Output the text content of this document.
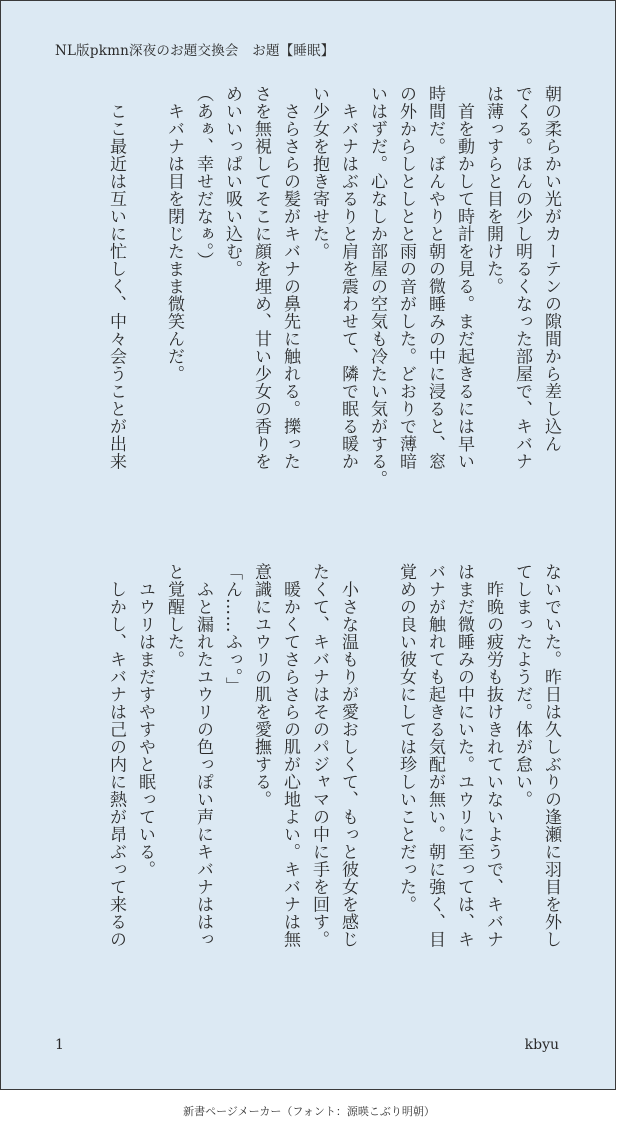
NL版pkmn深夜のお題交換会　お題【睡眠】

朝の柔らかい光がカーテンの隙間から差し込ん
でくる。ほんの少し明るくなった部屋で、キバナ
は薄っすらと目を開けた。

　首を動かして時計を見る。まだ起きるには早い
時間だ。ぼんやりと朝の微睡みの中に浸ると、窓
の外からしとしとと雨の音がした。どおりで薄暗
いはずだ。心なしか部屋の空気も冷たい気がする。

　キバナはぶるりと肩を震わせて、隣で眠る暖か
い少女を抱き寄せた。

　さらさらの髪がキバナの鼻先に触れる。擽った
さを無視してそこに顔を埋め、甘い少女の香りを
めいいっぱい吸い込む。

（あぁ、幸せだなぁ。）

　キバナは目を閉じたまま微笑んだ。

　ここ最近は互いに忙しく、中々会うことが出来

ないでいた。昨日は久しぶりの逢瀬に羽目を外し
てしまったようだ。体が怠い。

　昨晩の疲労も抜けきれていないようで、キバナ
はまだ微睡みの中にいた。ユウリに至っては、キ
バナが触れても起きる気配が無い。朝に強く、目
覚めの良い彼女にしては珍しいことだった。

　小さな温もりが愛おしくて、もっと彼女を感じ
たくて、キバナはそのパジャマの中に手を回す。

　暖かくてさらさらの肌が心地よい。キバナは無
意識にユウリの肌を愛撫する。

「ん……ふっ。」

　ふと漏れたユウリの色っぽい声にキバナははっ
と覚醒した。

　ユウリはまだすやすやと眠っている。

　しかし、キバナは己の内に熱が昂ぶって来るの

1	kbyu
新書ページメーカー（フォント：源暎こぶり明朝）
